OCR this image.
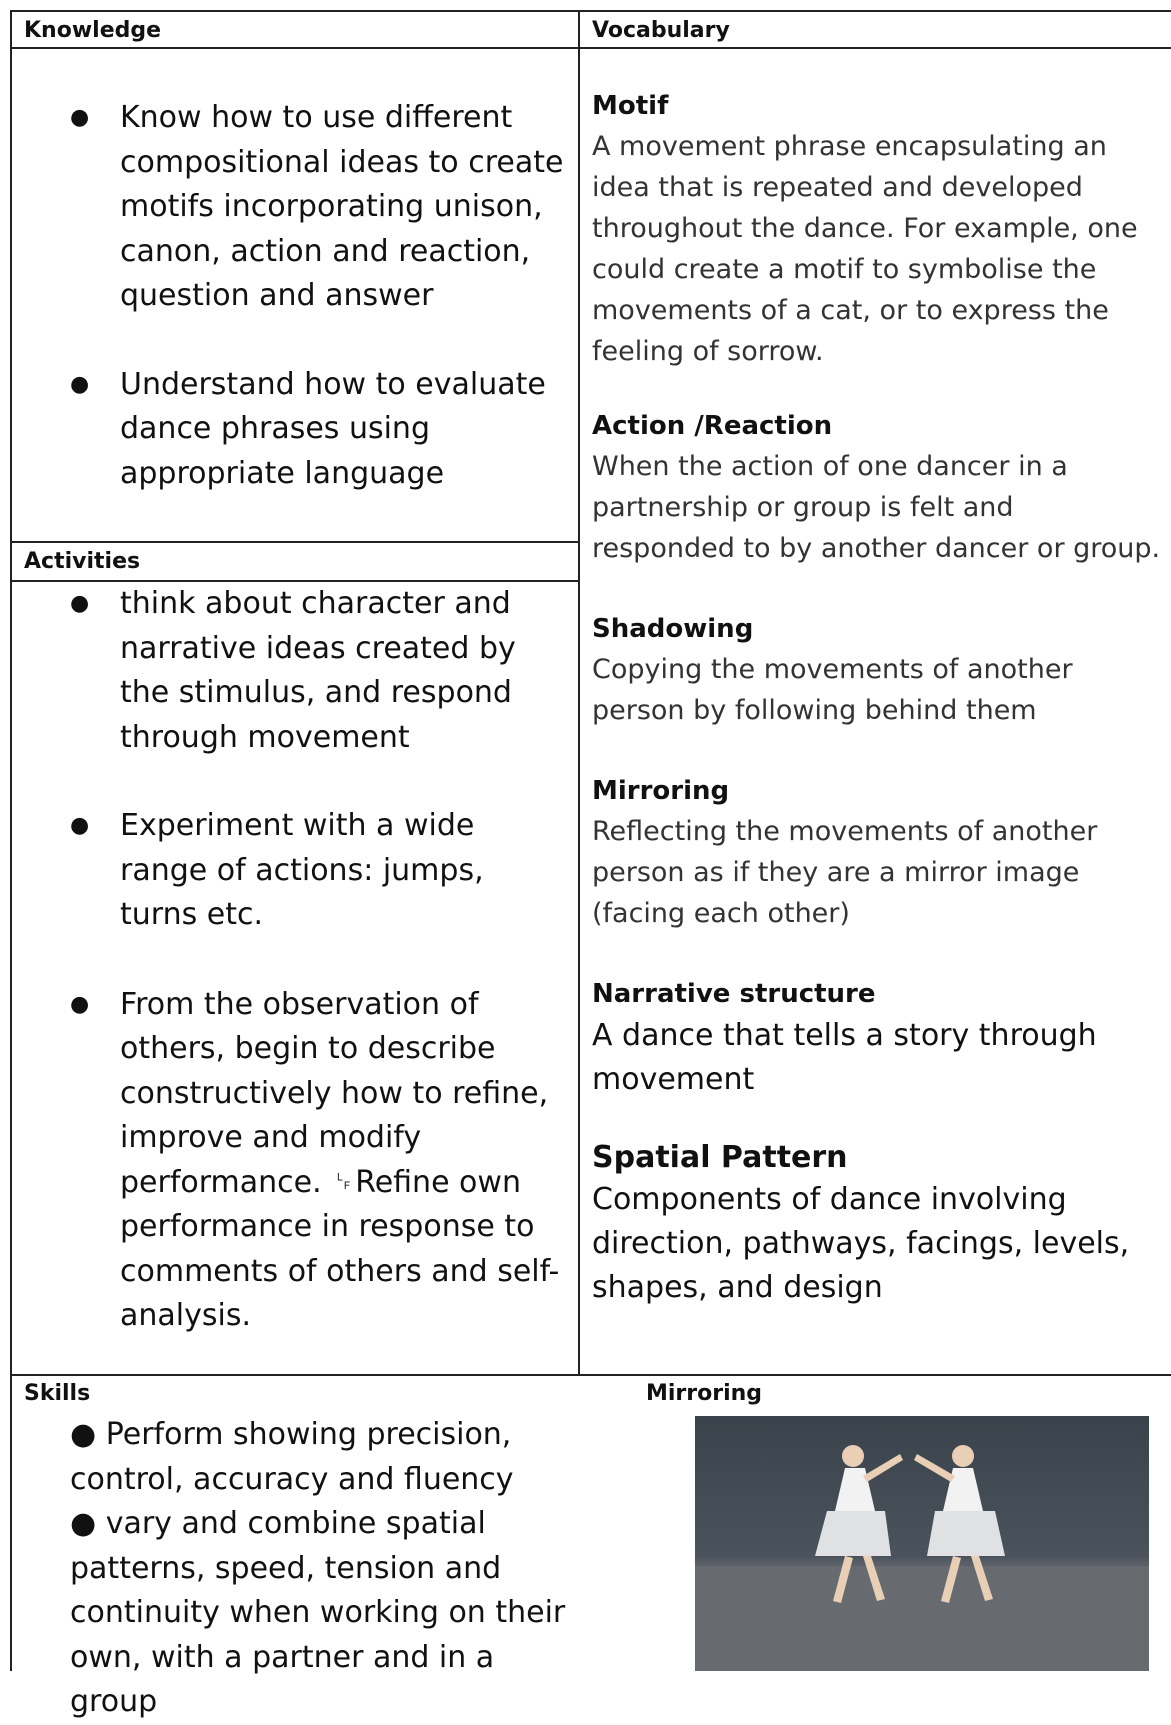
Knowledge	Vocabulary
Activities
Skills	Mirroring
● Know how to use different compositional ideas to create motifs incorporating unison, canon, action and reaction, question and answer
● Understand how to evaluate dance phrases using appropriate language
● think about character and narrative ideas created by the stimulus, and respond through movement
● Experiment with a wide range of actions: jumps, turns etc.
● From the observation of others, begin to describe constructively how to refine, improve and modify performance. ␊Refine own performance in response to comments of others and self-analysis.

Motif

A movement phrase encapsulating an idea that is repeated and developed throughout the dance. For example, one could create a motif to symbolise the movements of a cat, or to express the feeling of sorrow.

Action /Reaction

When the action of one dancer in a partnership or group is felt and responded to by another dancer or group.

Shadowing

Copying the movements of another person by following behind them

Mirroring

Reflecting the movements of another person as if they are a mirror image (facing each other)

Narrative structure

A dance that tells a story through movement

Spatial Pattern

Components of dance involving direction, pathways, facings, levels, shapes, and design

● Perform showing precision, control, accuracy and fluency
● vary and combine spatial patterns, speed, tension and continuity when working on their own, with a partner and in a group
